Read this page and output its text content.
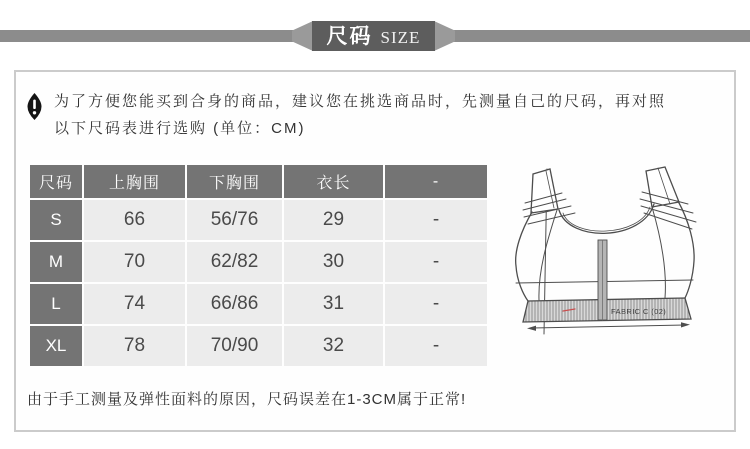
尺码 SIZE
为了方便您能买到合身的商品，建议您在挑选商品时，先测量自己的尺码，再对照
以下尺码表进行选购 (单位：CM)
尺码	上胸围	下胸围	衣长	-
S	66	56/76	29	-
M	70	62/82	30	-
L	74	66/86	31	-
XL	78	70/90	32	-
FABRIC C (02)
由于手工测量及弹性面料的原因，尺码误差在1-3CM属于正常!
